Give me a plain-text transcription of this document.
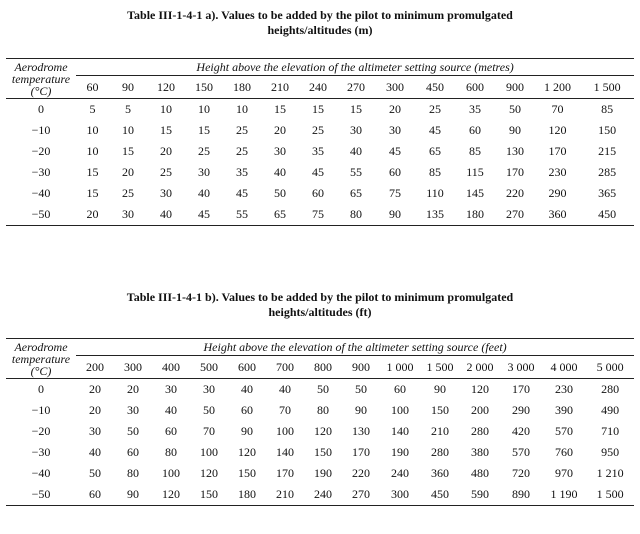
Table III-1-4-1 a). Values to be added by the pilot to minimum promulgated
heights/altitudes (m)
Aerodrome temperature (°C)	Height above the elevation of the altimeter setting source (metres)													
	60	90	120	150	180	210	240	270	300	450	600	900	1 200	1 500
0	5	5	10	10	10	15	15	15	20	25	35	50	70	85
−10	10	10	15	15	25	20	25	30	30	45	60	90	120	150
−20	10	15	20	25	25	30	35	40	45	65	85	130	170	215
−30	15	20	25	30	35	40	45	55	60	85	115	170	230	285
−40	15	25	30	40	45	50	60	65	75	110	145	220	290	365
−50	20	30	40	45	55	65	75	80	90	135	180	270	360	450
Table III-1-4-1 b). Values to be added by the pilot to minimum promulgated
heights/altitudes (ft)
Aerodrome temperature (°C)	Height above the elevation of the altimeter setting source (feet)													
	200	300	400	500	600	700	800	900	1 000	1 500	2 000	3 000	4 000	5 000
0	20	20	30	30	40	40	50	50	60	90	120	170	230	280
−10	20	30	40	50	60	70	80	90	100	150	200	290	390	490
−20	30	50	60	70	90	100	120	130	140	210	280	420	570	710
−30	40	60	80	100	120	140	150	170	190	280	380	570	760	950
−40	50	80	100	120	150	170	190	220	240	360	480	720	970	1 210
−50	60	90	120	150	180	210	240	270	300	450	590	890	1 190	1 500
